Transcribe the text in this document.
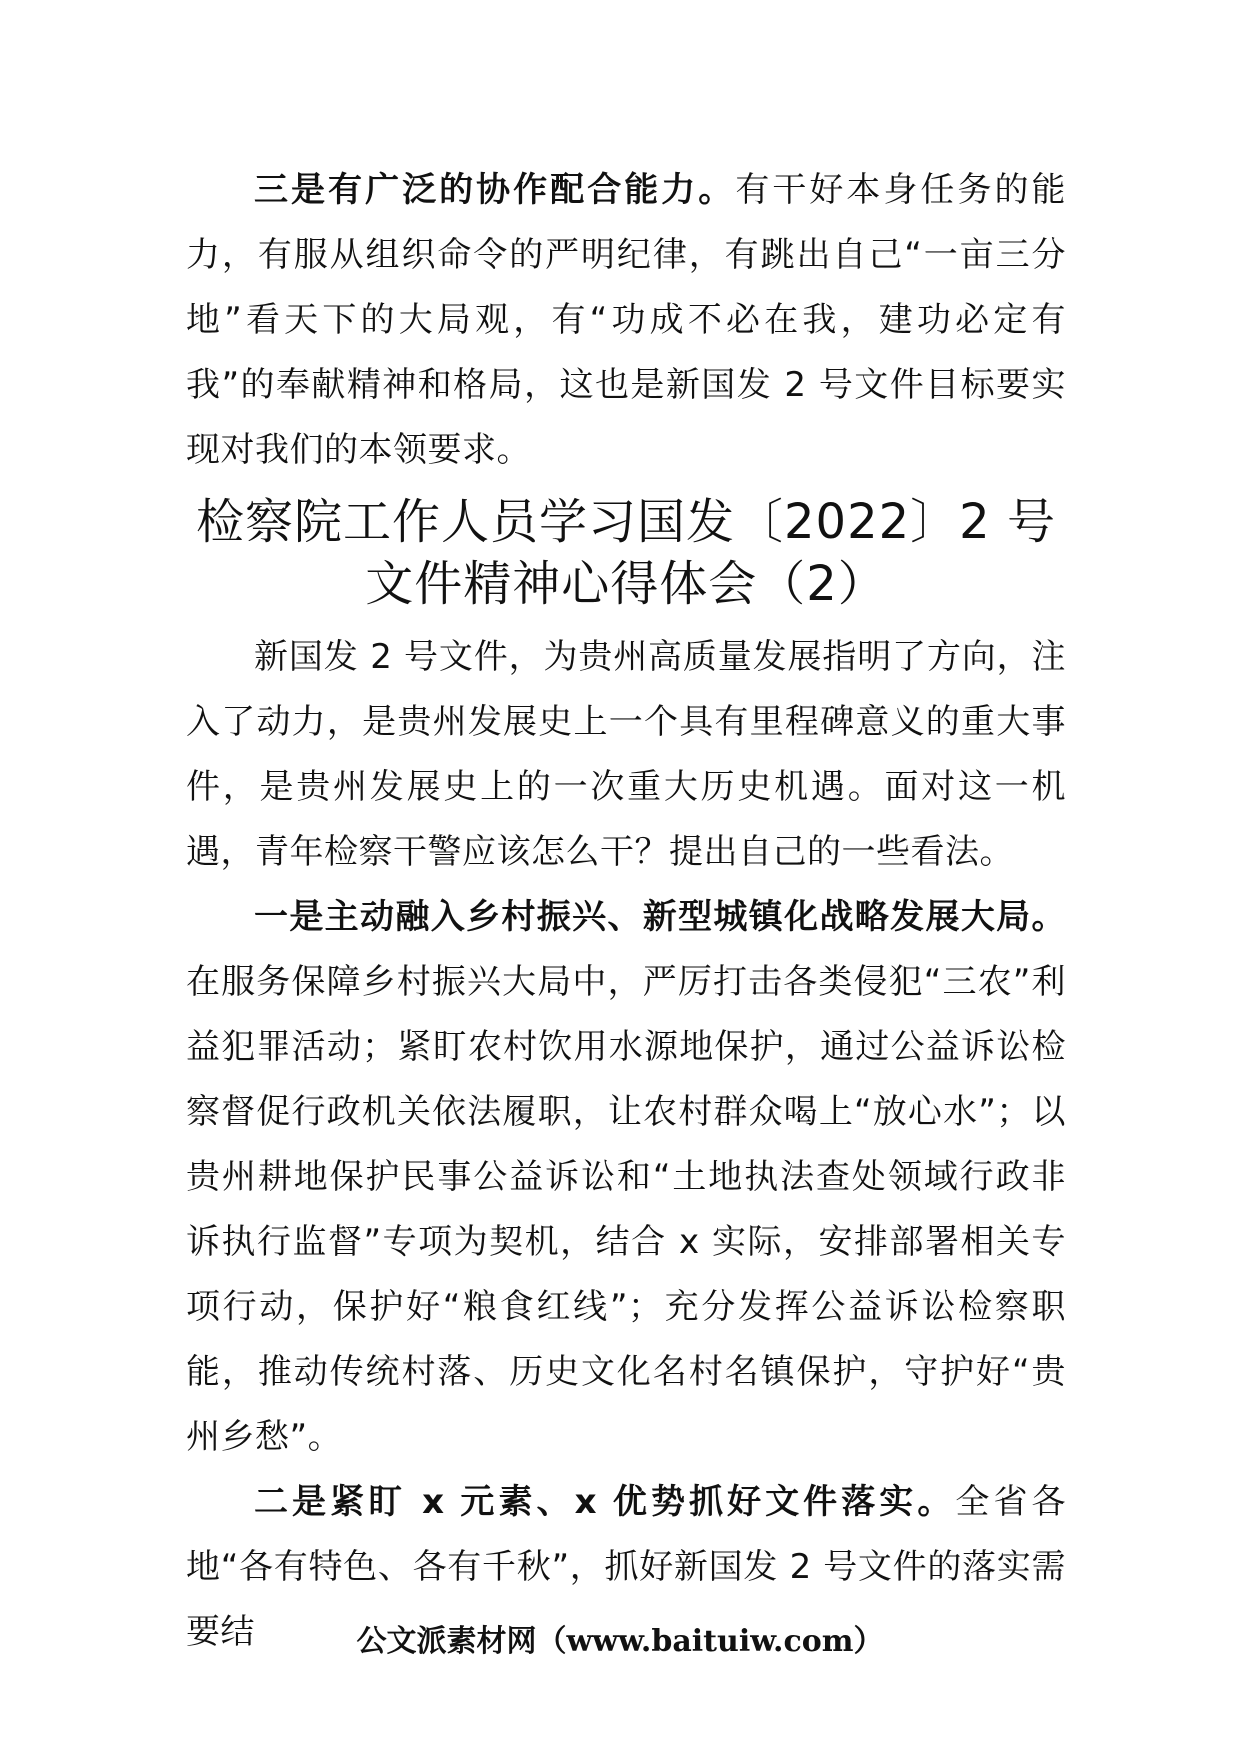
三是有广泛的协作配合能力。有干好本身任务的能力，有服从组织命令的严明纪律，有跳出自己“一亩三分地”看天下的大局观，有“功成不必在我，建功必定有我”的奉献精神和格局，这也是新国发 2 号文件目标要实现对我们的本领要求。

检察院工作人员学习国发〔2022〕2 号文件精神心得体会（2）

新国发 2 号文件，为贵州高质量发展指明了方向，注入了动力，是贵州发展史上一个具有里程碑意义的重大事件，是贵州发展史上的一次重大历史机遇。面对这一机遇，青年检察干警应该怎么干？提出自己的一些看法。

一是主动融入乡村振兴、新型城镇化战略发展大局。在服务保障乡村振兴大局中，严厉打击各类侵犯“三农”利益犯罪活动；紧盯农村饮用水源地保护，通过公益诉讼检察督促行政机关依法履职，让农村群众喝上“放心水”；以贵州耕地保护民事公益诉讼和“土地执法查处领域行政非诉执行监督”专项为契机，结合 x 实际，安排部署相关专项行动，保护好“粮食红线”；充分发挥公益诉讼检察职能，推动传统村落、历史文化名村名镇保护，守护好“贵州乡愁”。

二是紧盯 x 元素、x 优势抓好文件落实。全省各地“各有特色、各有千秋”，抓好新国发 2 号文件的落实需要结	公文派素材网（www.baituiw.com）
